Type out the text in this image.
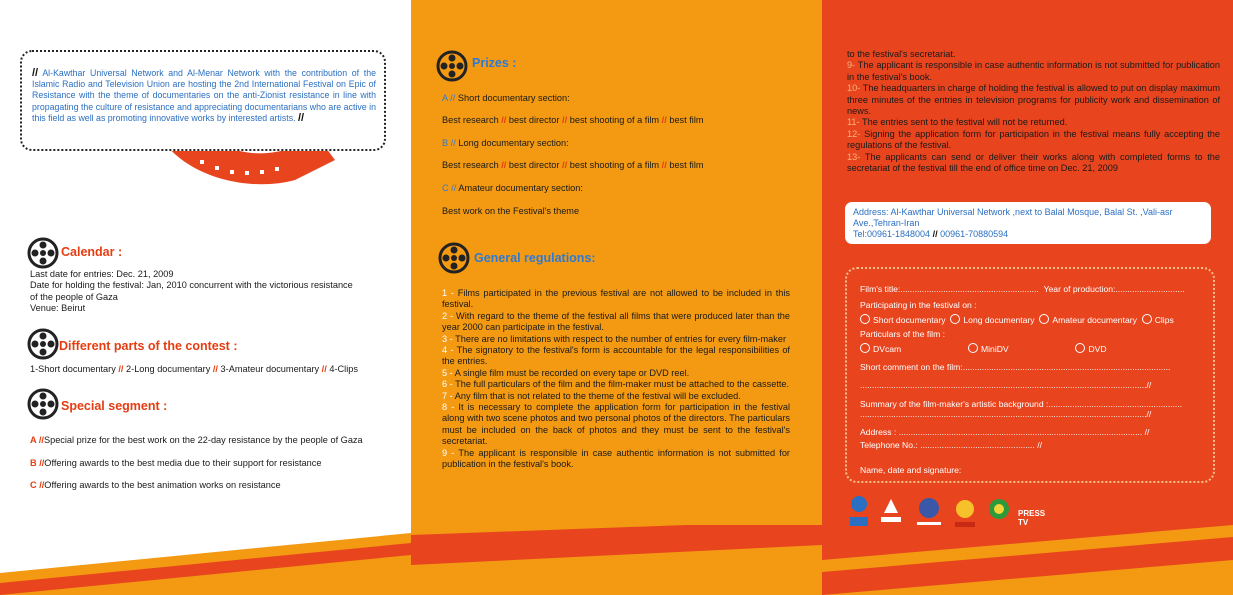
// Al-Kawthar Universal Network and Al-Menar Network with the contribution of the Islamic Radio and Television Union are hosting the 2nd International Festival on Epic of Resistance with the theme of documentaries on the anti-Zionist resistance in line with propagating the culture of resistance and appreciating documentarians who are active in this field as well as promoting innovative works by interested artists. //
Calendar :
Last date for entries: Dec. 21, 2009
Date for holding the festival: Jan, 2010 concurrent with the victorious resistance
of the people of Gaza
Venue: Beirut
Different parts of the contest :
1-Short documentary // 2-Long documentary // 3-Amateur documentary // 4-Clips
Special segment :
A //Special prize for the best work on the 22-day resistance by the people of Gaza
B //Offering awards to the best media due to their support for resistance
C //Offering awards to the best animation works on resistance
Prizes :
A // Short documentary section:
Best research // best director // best shooting of a film // best film
B // Long documentary section:
Best research // best director // best shooting of a film // best film
C // Amateur documentary section:
Best work on the Festival's theme
General regulations:
1 - Films participated in the previous festival are not allowed to be included in this festival.
2 - With regard to the theme of the festival all films that were produced later than the year 2000 can participate in the festival.
3 - There are no limitations with respect to the number of entries for every film-maker
4 - The signatory to the festival's form is accountable for the legal responsibilities of the entries.
5 - A single film must be recorded on every tape or DVD reel.
6 - The full particulars of the film and the film-maker must be attached to the cassette.
7 - Any film that is not related to the theme of the festival will be excluded.
8 - It is necessary to complete the application form for participation in the festival along with two scene photos and two personal photos of the directors. The particulars must be included on the back of photos and they must be sent to the festival's secretariat.
9 - The applicant is responsible in case authentic information is not submitted for publication in the festival's book.
to the festival's secretariat.
9- The applicant is responsible in case authentic information is not submitted for publication in the festival's book.
10- The headquarters in charge of holding the festival is allowed to put on display maximum three minutes of the entries in television programs for publicity work and dissemination of news.
11- The entries sent to the festival will not be returned.
12- Signing the application form for participation in the festival means fully accepting the regulations of the festival.
13- The applicants can send or deliver their works along with completed forms to the secretariat of the festival till the end of office time on Dec. 21, 2009
Address: Al-Kawthar Universal Network ,next to Balal Mosque, Balal St. ,Vali-asr Ave.,Tehran-Iran
Tel:00961-1848004 // 00961-70880594
Film's title:.......................................................... Year of production:.............................
Participating in the festival on :
Short documentary Long documentary Amateur documentary Clips
Particulars of the film :
DVcam	MiniDV	DVD
Short comment on the film:.......................................................................................
........................................................................................................................//
Summary of the film-maker's artistic background :........................................................
........................................................................................................................//
Address : ...................................................................................................... //
Telephone No.: ................................................ //
Name, date and signature:
PRESS TV
